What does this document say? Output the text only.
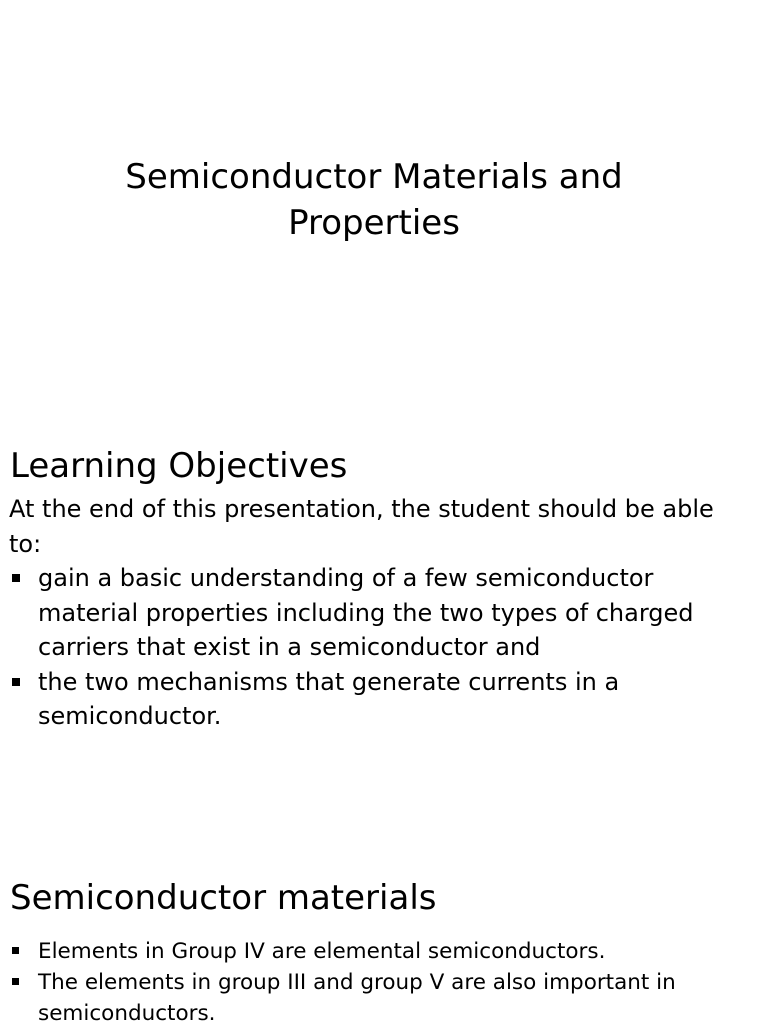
Semiconductor Materials and Properties
Learning Objectives

At the end of this presentation, the student should be able to:

gain a basic understanding of a few semiconductor material properties including the two types of charged carriers that exist in a semiconductor and
the two mechanisms that generate currents in a semiconductor.
Semiconductor materials
Elements in Group IV are elemental semiconductors.
The elements in group III and group V are also important in semiconductors.
